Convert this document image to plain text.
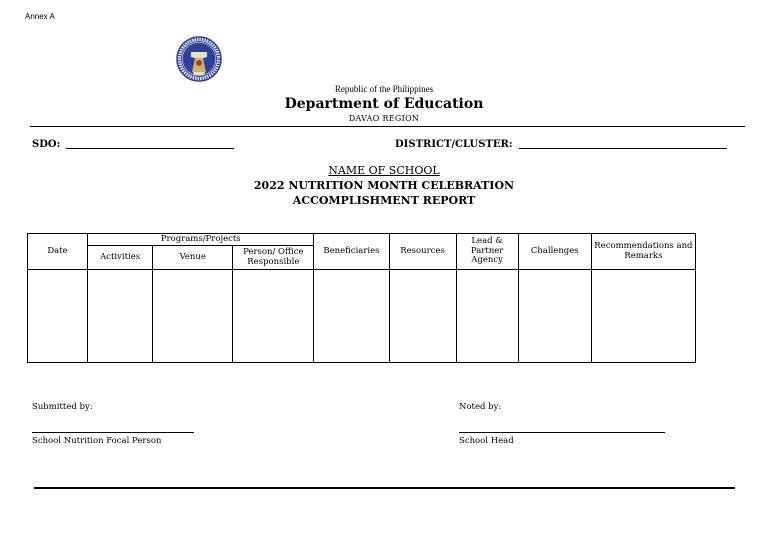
Annex A
Republic of the Philippines
Department of Education
DAVAO REGION
SDO:	DISTRICT/CLUSTER:
NAME OF SCHOOL
2022 NUTRITION MONTH CELEBRATION
ACCOMPLISHMENT REPORT
Date	Programs/Projects			Beneficiaries	Resources	Lead & Partner Agency	Challenges	Recommendations and Remarks
	Activities	Venue	Person/ Office Responsible					

Submitted by:
School Nutrition Focal Person
Noted by:
School Head
